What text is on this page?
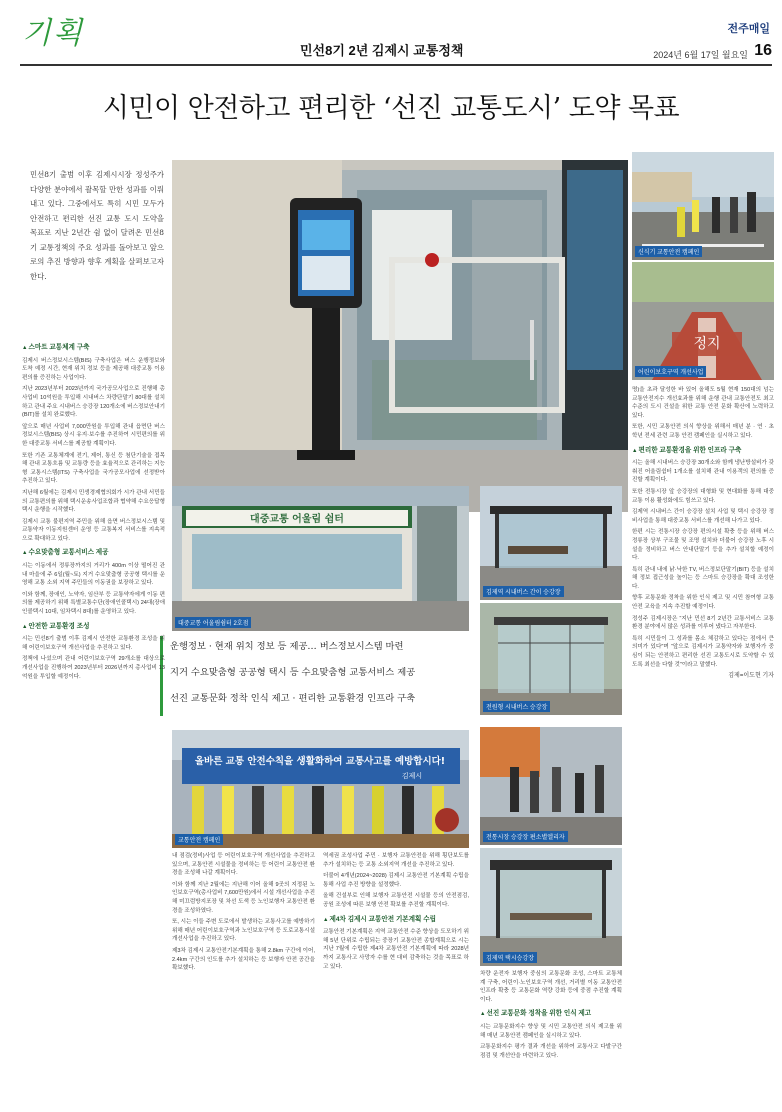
기획	민선8기 2년 김제시 교통정책
전주매일
2024년 6월 17일 월요일 16
시민이 안전하고 편리한 ‘선진 교통도시’ 도약 목표
민선8기 출범 이후 김제시시장 정성주가 다양한 분야에서 괄목할 만한 성과를 이뤄내고 있다. 그중에서도 특히 시민 모두가 안전하고 편리한 선진 교통 도시 도약을 목표로 지난 2년간 쉼 없이 달려온 민선8기 교통정책의 주요 성과를 돌아보고 앞으로의 추진 방향과 향후 계획을 살펴보고자 한다.
신식기 교통안전 캠페인
정지
어린이보호구역 개선사업
대중교통 어울림 쉼터
대중교통 어울림쉼터 2호점
운행정보 · 현재 위치 정보 등 제공… 버스정보시스템 마련
지거 수요맞춤형 공공형 택시 등 수요맞춤형 교통서비스 제공
선진 교통문화 정착 인식 제고 · 편리한 교통환경 인프라 구축
올바른 교통 안전수칙을 생활화하여 교통사고를 예방합시다!
김제시
교통안전 캠페인
김제역 시내버스 간이 승강장
전원형 시내버스 승강장
전통시장 승강장 편소별엘리자
김제역 택시승강장
▲ 스마트 교통체계 구축

김제시 버스정보시스템(BIS) 구축사업은 버스 운행정보와 도착 예정 시간, 현재 위치 정보 등을 제공해 대중교통 이용 편의를 증진하는 사업이다.

지난 2023년부터 2023년까지 국가공모사업으로 진행해 총사업비 10억원을 투입해 시내버스 차량단말기 80대를 설치하고 관내 주요 시내버스 승강장 120개소에 버스정보안내기(BIT)를 설치 완료했다.

앞으로 매년 사업비 7,000만원을 투입해 관내 읍면단 버스정보시스템(BIS) 상시 유지·보수를 추진하여 시민편의를 위한 대중교통 서비스를 제공할 계획이다.

또한 기존 교통체계에 전기, 제어, 통신 등 첨단기술을 접목해 관내 교통흐름 및 교통량 등을 효율적으로 관리하는 지능형 교통시스템(ITS) 구축사업을 국가공모사업에 선정받아 추진하고 있다.

지난해 6월에는 김제시 민생경제협의회가 시가 관내 서민들의 교통편의를 위해 택시운송사업조합과 협약해 수요응답형 택시 운행을 시작했다.

김제시 교통 불편지역 주민을 위해 읍면 버스정보시스템 및 교통약자 이동지원센터 운영 등 교통복지 서비스를 지속적으로 확대하고 있다.

▲ 수요맞춤형 교통서비스 제공

시는 이동에서 정류장까지의 거리가 400m 이상 떨어진 관내 마을에 주 6일(월~토) 지거 수요맞춤형 공공형 택시를 운영해 교통 소외 지역 주민들의 이동권을 보장하고 있다.

이와 함께, 장애인, 노약자, 임산부 등 교통약자에게 이동 편의를 제공하기 위해 특별교통수단(장애인콜택시) 24대(장애인콜택시 10대, 임차택시 8대)를 운영하고 있다.

▲ 안전한 교통환경 조성

시는 민선8기 출범 이후 김제시 안전한 교통환경 조성을 위해 어린이보호구역 개선사업을 추진하고 있다.

정책에 나섰으며 관내 어린이보호구역 29개소를 대상으로 개선사업을 진행하여 2023년부터 2026년까지 총사업비 13억원을 투입할 예정이다.

내 점검(정비)사업 등 어린이보호구역 개선사업을 추진하고 있으며, 교통안전 시설물을 정비하는 등 어린이 교통안전 환경을 조성해 나갈 계획이다.

이와 함께 지난 2월에는 지난해 이어 올해 9곳의 지정된 노인보호구역(총사업비 7,600만원)에서 시설 개선사업을 추진해 미끄럼방지포장 및 차선 도색 등 노인보행자 교통안전 환경을 조성하였다.

또, 시는 이들 주변 도로에서 발생하는 교통사고를 예방하기 위해 매년 어린이보호구역과 노인보호구역 등 도로교통시설 개선사업을 추진하고 있다.

제3차 김제시 교통안전기본계획을 통해 2.8km 구간에 이어, 2.4km 구간의 인도를 추가 설치하는 등 보행자 안전 공간을 확보했다.

역세권 조성사업 주민 · 보행자 교통안전을 위해 횡단보도를 추가 설치하는 등 교통 소외지역 개선을 추진하고 있다.

더불어 4개년(2024~2028) 김제시 교통안전 기본계획 수립을 통해 사업 추진 방향을 설정했다.

올해 건설부로 인해 보행자 교통안전 시설물 등의 안전점검, 공원 조성에 따른 보행 안전 확보를 추진할 계획이다.

▲ 제4차 김제시 교통안전 기본계획 수립

교통안전 기본계획은 지역 교통안전 수준 향상을 도모하기 위해 5년 단위로 수립되는 중장기 교통안전 종합계획으로 시는 지난 7월에 수립한 제4차 교통안전 기본계획에 따라 2028년까지 교통사고 사망자 수를 현 대비 감축하는 것을 목표로 하고 있다.

차량 운전자 보행자 중심의 교통문화 조성, 스마트 교통체계 구축, 어린이·노인보호구역 개선, 거리별 이동 교통안전 인프라 확충 등 교통문화 역량 강화 등에 중점 추진할 계획이다.

▲ 선진 교통문화 정착을 위한 인식 제고

시는 교통문화지수 향상 및 시민 교통안전 의식 제고를 위해 매년 교통안전 캠페인을 실시하고 있다.

교통문화지수 평가 결과 개선을 위하여 교통사고 다발구간 점검 및 개선안을 마련하고 있다.

명)을 초과 달성한 바 있어 올해도 5월 현재 150대의 넘는 교통안전지수 개선효과를 위해 운행 관내 교통안전도 최고 수준의 도시 건설을 위한 교통 안전 문화 확산에 노력하고 있다.

또한, 시민 교통안전 의식 향상을 위해서 매년 분 · 연 · 초 학년 전세 관련 교통 안전 캠페인을 실시하고 있다.

▲ 편리한 교통환경을 위한 인프라 구축

시는 올해 시내버스 승강장 30개소와 함께 냉난방설비가 갖춰진 어울림쉼터 1개소를 설치해 관내 이용객의 편의를 증진할 계획이다.

또한 전통시장 앞 승강장의 대형화 및 현대화를 통해 대중교통 이용 활성화에도 힘쓰고 있다.

김제역 시내버스 간이 승강장 설치 사업 및 택시 승강장 정비사업을 통해 대중교통 서비스를 개선해 나가고 있다.

한편 시는 전통시장 승강장 편의시설 확충 등을 위해 버스 정류장 상부 구조물 및 조명 설치와 더불어 승강장 노후 시설을 정비하고 버스 안내단말기 등을 추가 설치할 예정이다.

특히 관내 내에 낡·낙한 TV, 버스정보단말기(BIT) 등을 설치해 정보 접근성을 높이는 등 스마트 승강장을 확대 조성한다.

향후 교통문화 정착을 위한 인식 제고 및 시민 참여형 교통안전 교육을 지속 추진할 예정이다.

정성주 김제시장은 “지난 민선 8기 2년간 교통서비스 교통환경 분야에서 많은 성과를 이루어 냈다고 자부한다.

특히 시민들이 그 성과를 몸소 체감하고 있다는 점에서 큰 의미가 있다”며 “앞으로 김제시가 교통약자와 보행자가 중심이 되는 안전하고 편리한 선진 교통도시로 도약할 수 있도록 최선을 다할 것”이라고 말했다.

김제=이도현 기자
